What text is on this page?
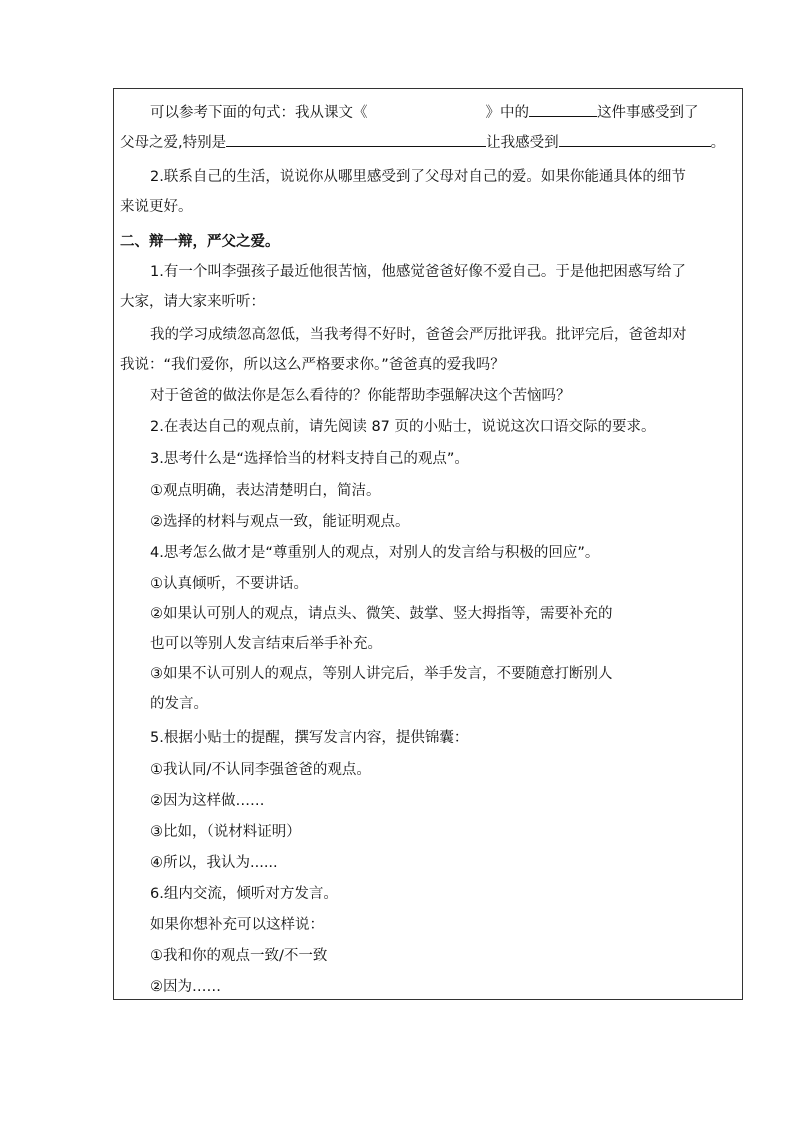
可以参考下面的句式：我从课文《	》中的	这件事感受到了
父母之爱,特别是	让我感受到	。
2.联系自己的生活，说说你从哪里感受到了父母对自己的爱。如果你能通具体的细节
来说更好。
二、辩一辩，严父之爱。
1.有一个叫李强孩子最近他很苦恼，他感觉爸爸好像不爱自己。于是他把困惑写给了
大家，请大家来听听：
我的学习成绩忽高忽低，当我考得不好时，爸爸会严厉批评我。批评完后，爸爸却对
我说：“我们爱你，所以这么严格要求你。”爸爸真的爱我吗？
对于爸爸的做法你是怎么看待的？你能帮助李强解决这个苦恼吗？
2.在表达自己的观点前，请先阅读 87 页的小贴士，说说这次口语交际的要求。
3.思考什么是“选择恰当的材料支持自己的观点”。
①观点明确，表达清楚明白，简洁。
②选择的材料与观点一致，能证明观点。
4.思考怎么做才是“尊重别人的观点，对别人的发言给与积极的回应”。
①认真倾听，不要讲话。
②如果认可别人的观点，请点头、微笑、鼓掌、竖大拇指等，需要补充的
也可以等别人发言结束后举手补充。
③如果不认可别人的观点，等别人讲完后，举手发言，不要随意打断别人
的发言。
5.根据小贴士的提醒，撰写发言内容，提供锦囊：
①我认同/不认同李强爸爸的观点。
②因为这样做……
③比如，（说材料证明）
④所以，我认为......
6.组内交流，倾听对方发言。
如果你想补充可以这样说：
①我和你的观点一致/不一致
②因为……
